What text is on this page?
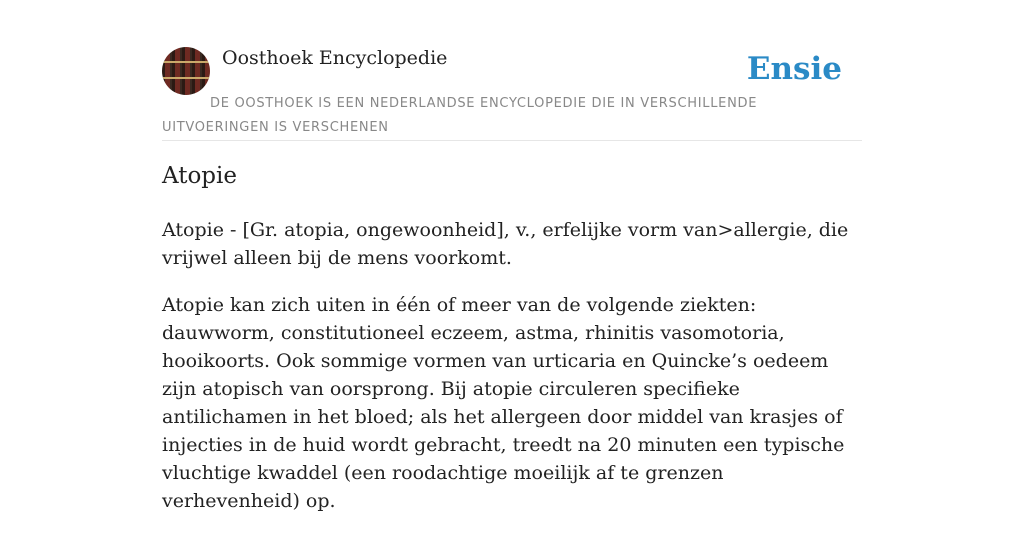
Oosthoek Encyclopedie	Ensie
DE OOSTHOEK IS EEN NEDERLANDSE ENCYCLOPEDIE DIE IN VERSCHILLENDE UITVOERINGEN IS VERSCHENEN
Atopie

Atopie - [Gr. atopia, ongewoonheid], v., erfelijke vorm van>allergie, die vrijwel alleen bij de mens voorkomt.

Atopie kan zich uiten in één of meer van de volgende ziekten: dauwworm, constitutioneel eczeem, astma, rhinitis vasomotoria, hooikoorts. Ook sommige vormen van urticaria en Quincke’s oedeem zijn atopisch van oorsprong. Bij atopie circuleren specifieke antilichamen in het bloed; als het allergeen door middel van krasjes of injecties in de huid wordt gebracht, treedt na 20 minuten een typische vluchtige kwaddel (een roodachtige moeilijk af te grenzen verhevenheid) op.
